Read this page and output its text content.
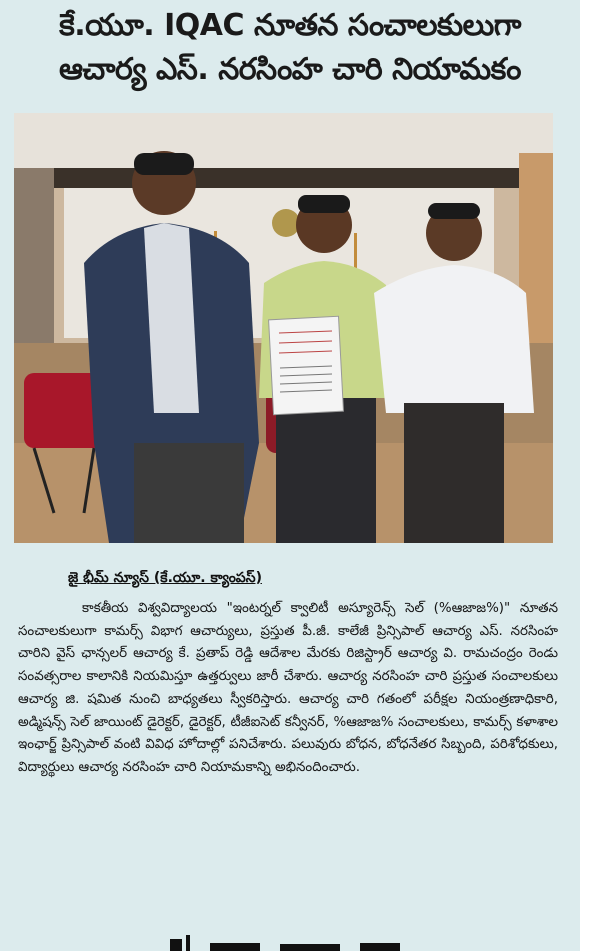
కే.యూ. IQAC నూతన సంచాలకులుగా
ఆచార్య ఎస్. నరసింహ చారి నియామకం
జై భీమ్ న్యూస్ (కే.యూ. క్యాంపస్)

కాకతీయ విశ్వవిద్యాలయ "ఇంటర్నల్ క్వాలిటీ అస్యూరెన్స్ సెల్ (%ఆజాజ%)" నూతన సంచాలకులుగా కామర్స్ విభాగ ఆచార్యులు, ప్రస్తుత పీ.జీ. కాలేజీ ప్రిన్సిపాల్ ఆచార్య ఎస్. నరసింహ చారిని వైస్ ఛాన్సలర్ ఆచార్య కే. ప్రతాప్ రెడ్డి ఆదేశాల మేరకు రిజిస్ట్రార్ ఆచార్య వి. రామచంద్రం రెండు సంవత్సరాల కాలానికి నియమిస్తూ ఉత్తర్వులు జారీ చేశారు. ఆచార్య నరసింహ చారి ప్రస్తుత సంచాలకులు ఆచార్య జి. షమిత నుంచి బాధ్యతలు స్వీకరిస్తారు. ఆచార్య చారి గతంలో పరీక్షల నియంత్రణాధికారి, అడ్మిషన్స్ సెల్ జాయింట్ డైరెక్టర్, డైరెక్టర్, టీజీఐసెట్ కన్వీనర్, %ఆజాజ% సంచాలకులు, కామర్స్ కళాశాల ఇంఛార్జ్ ప్రిన్సిపాల్ వంటి వివిధ హోదాల్లో పనిచేశారు. పలువురు బోధన, బోధనేతర సిబ్బంది, పరిశోధకులు, విద్యార్థులు ఆచార్య నరసింహ చారి నియామకాన్ని అభినందించారు.
